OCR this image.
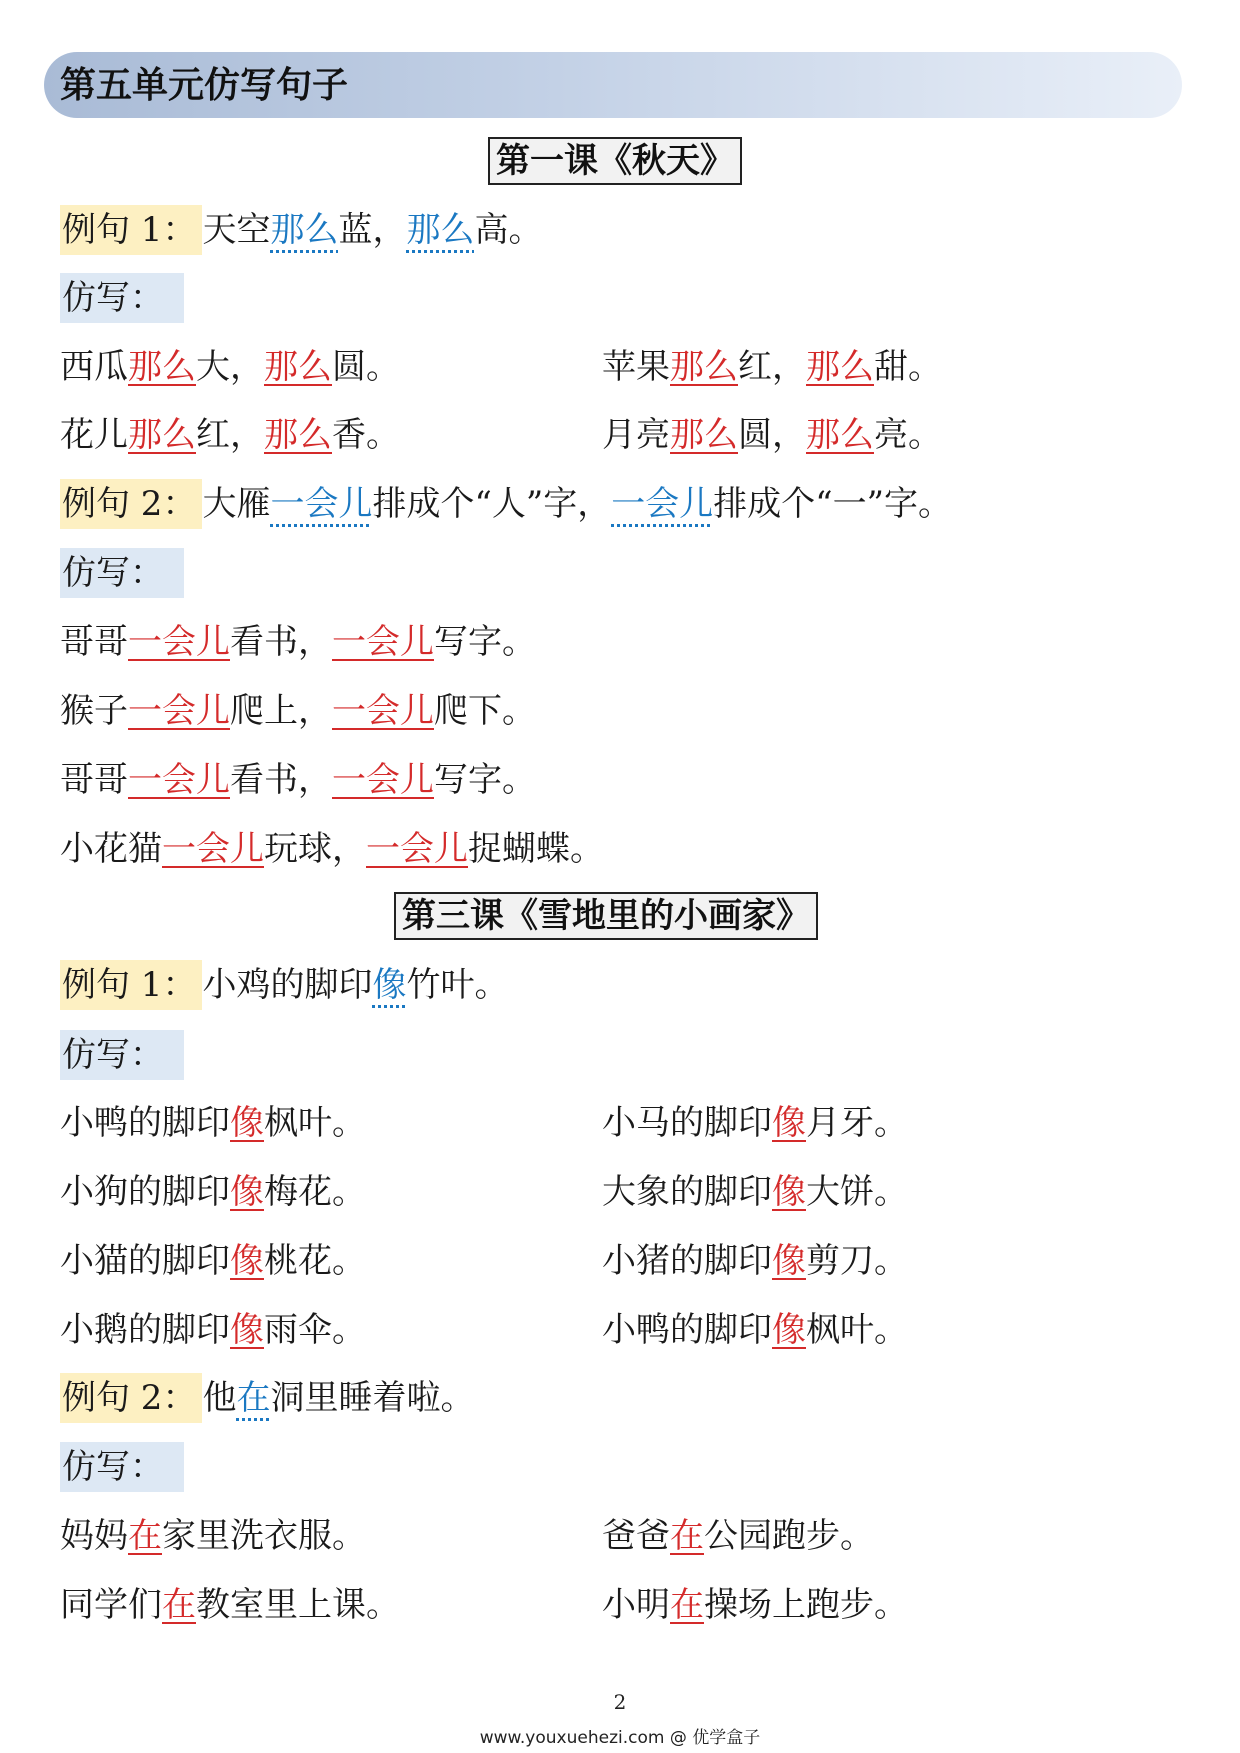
第五单元仿写句子
第一课《秋天》
例句 1： 天空那么蓝，那么高。
仿写：
西瓜那么大，那么圆。	苹果那么红，那么甜。
花儿那么红，那么香。	月亮那么圆，那么亮。
例句 2： 大雁一会儿排成个“人”字，一会儿排成个“一”字。
仿写：
哥哥一会儿看书，一会儿写字。
猴子一会儿爬上，一会儿爬下。
哥哥一会儿看书，一会儿写字。
小花猫一会儿玩球，一会儿捉蝴蝶。
第三课《雪地里的小画家》
例句 1： 小鸡的脚印像竹叶。
仿写：
小鸭的脚印像枫叶。	小马的脚印像月牙。
小狗的脚印像梅花。	大象的脚印像大饼。
小猫的脚印像桃花。	小猪的脚印像剪刀。
小鹅的脚印像雨伞。	小鸭的脚印像枫叶。
例句 2： 他在洞里睡着啦。
仿写：
妈妈在家里洗衣服。	爸爸在公园跑步。
同学们在教室里上课。	小明在操场上跑步。
2
www.youxuehezi.com @ 优学盒子
